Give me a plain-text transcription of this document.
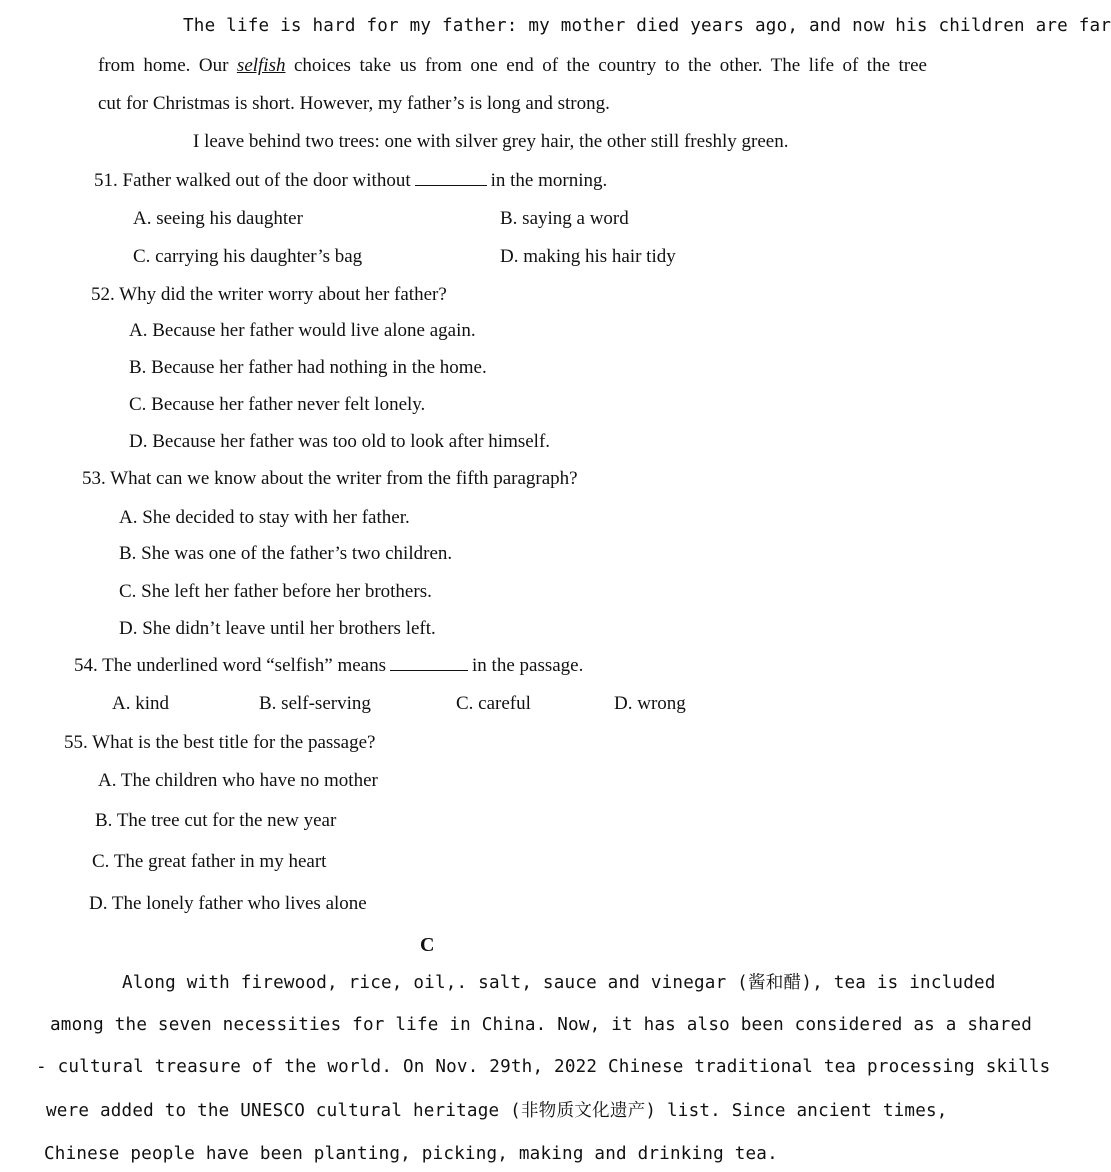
The life is hard for my father: my mother died years ago, and now his children are far
from home. Our selfish choices take us from one end of the country to the other. The life of the tree
cut for Christmas is short. However, my father’s is long and strong.
I leave behind two trees: one with silver grey hair, the other still freshly green.
51. Father walked out of the door without	in the morning.
A. seeing his daughter	B. saying a word
C. carrying his daughter’s bag	D. making his hair tidy
52. Why did the writer worry about her father?
A. Because her father would live alone again.
B. Because her father had nothing in the home.
C. Because her father never felt lonely.
D. Because her father was too old to look after himself.
53. What can we know about the writer from the fifth paragraph?
A. She decided to stay with her father.
B. She was one of the father’s two children.
C. She left her father before her brothers.
D. She didn’t leave until her brothers left.
54. The underlined word “selfish” means	in the passage.
A. kind	B. self-serving	C. careful	D. wrong
55. What is the best title for the passage?
A. The children who have no mother
B. The tree cut for the new year
C. The great father in my heart
D. The lonely father who lives alone
C
Along with firewood, rice, oil,. salt, sauce and vinegar (酱和醋), tea is included
among the seven necessities for life in China. Now, it has also been considered as a shared
- cultural treasure of the world. On Nov. 29th, 2022 Chinese traditional tea processing skills
were added to the UNESCO cultural heritage (非物质文化遗产) list. Since ancient times,
Chinese people have been planting, picking, making and drinking tea.
